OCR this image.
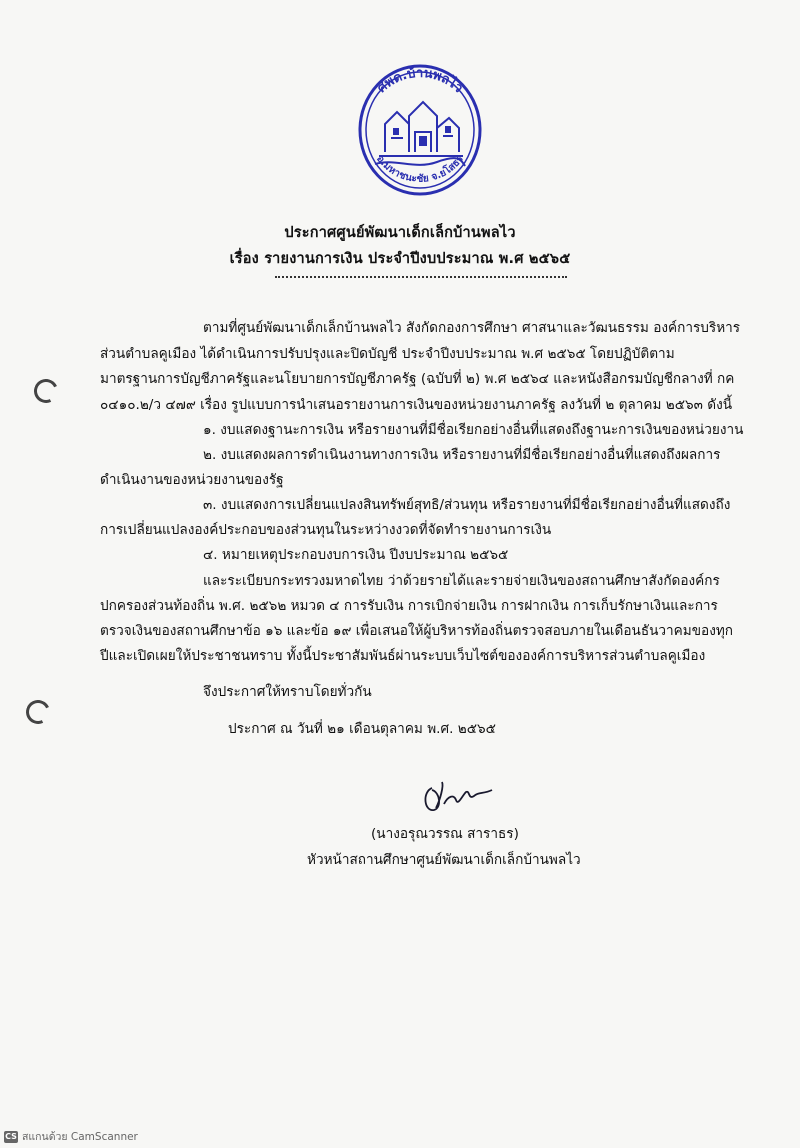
ศพด.บ้านพลไว
อ.มหาชนะชัย จ.ยโสธร
ประกาศศูนย์พัฒนาเด็กเล็กบ้านพลไว
เรื่อง รายงานการเงิน ประจำปีงบประมาณ พ.ศ ๒๕๖๕
ตามที่ศูนย์พัฒนาเด็กเล็กบ้านพลไว สังกัดกองการศึกษา ศาสนาและวัฒนธรรม องค์การบริหาร
ส่วนตำบลคูเมือง ได้ดำเนินการปรับปรุงและปิดบัญชี ประจำปีงบประมาณ พ.ศ ๒๕๖๕ โดยปฏิบัติตาม
มาตรฐานการบัญชีภาครัฐและนโยบายการบัญชีภาครัฐ (ฉบับที่ ๒) พ.ศ ๒๕๖๔ และหนังสือกรมบัญชีกลางที่ กค
๐๔๑๐.๒/ว ๔๗๙ เรื่อง รูปแบบการนำเสนอรายงานการเงินของหน่วยงานภาครัฐ ลงวันที่ ๒ ตุลาคม ๒๕๖๓ ดังนี้
๑. งบแสดงฐานะการเงิน หรือรายงานที่มีชื่อเรียกอย่างอื่นที่แสดงถึงฐานะการเงินของหน่วยงาน
๒. งบแสดงผลการดำเนินงานทางการเงิน หรือรายงานที่มีชื่อเรียกอย่างอื่นที่แสดงถึงผลการ
ดำเนินงานของหน่วยงานของรัฐ
๓. งบแสดงการเปลี่ยนแปลงสินทรัพย์สุทธิ/ส่วนทุน หรือรายงานที่มีชื่อเรียกอย่างอื่นที่แสดงถึง
การเปลี่ยนแปลงองค์ประกอบของส่วนทุนในระหว่างงวดที่จัดทำรายงานการเงิน
๔. หมายเหตุประกอบงบการเงิน ปีงบประมาณ ๒๕๖๕
และระเบียบกระทรวงมหาดไทย ว่าด้วยรายได้และรายจ่ายเงินของสถานศึกษาสังกัดองค์กร
ปกครองส่วนท้องถิ่น พ.ศ. ๒๕๖๒ หมวด ๔ การรับเงิน การเบิกจ่ายเงิน การฝากเงิน การเก็บรักษาเงินและการ
ตรวจเงินของสถานศึกษาข้อ ๑๖ และข้อ ๑๙ เพื่อเสนอให้ผู้บริหารท้องถิ่นตรวจสอบภายในเดือนธันวาคมของทุก
ปีและเปิดเผยให้ประชาชนทราบ ทั้งนี้ประชาสัมพันธ์ผ่านระบบเว็บไซต์ขององค์การบริหารส่วนตำบลคูเมือง
จึงประกาศให้ทราบโดยทั่วกัน
ประกาศ ณ วันที่ ๒๑ เดือนตุลาคม พ.ศ. ๒๕๖๕
(นางอรุณวรรณ สาราธร)
หัวหน้าสถานศึกษาศูนย์พัฒนาเด็กเล็กบ้านพลไว
CS สแกนด้วย CamScanner
